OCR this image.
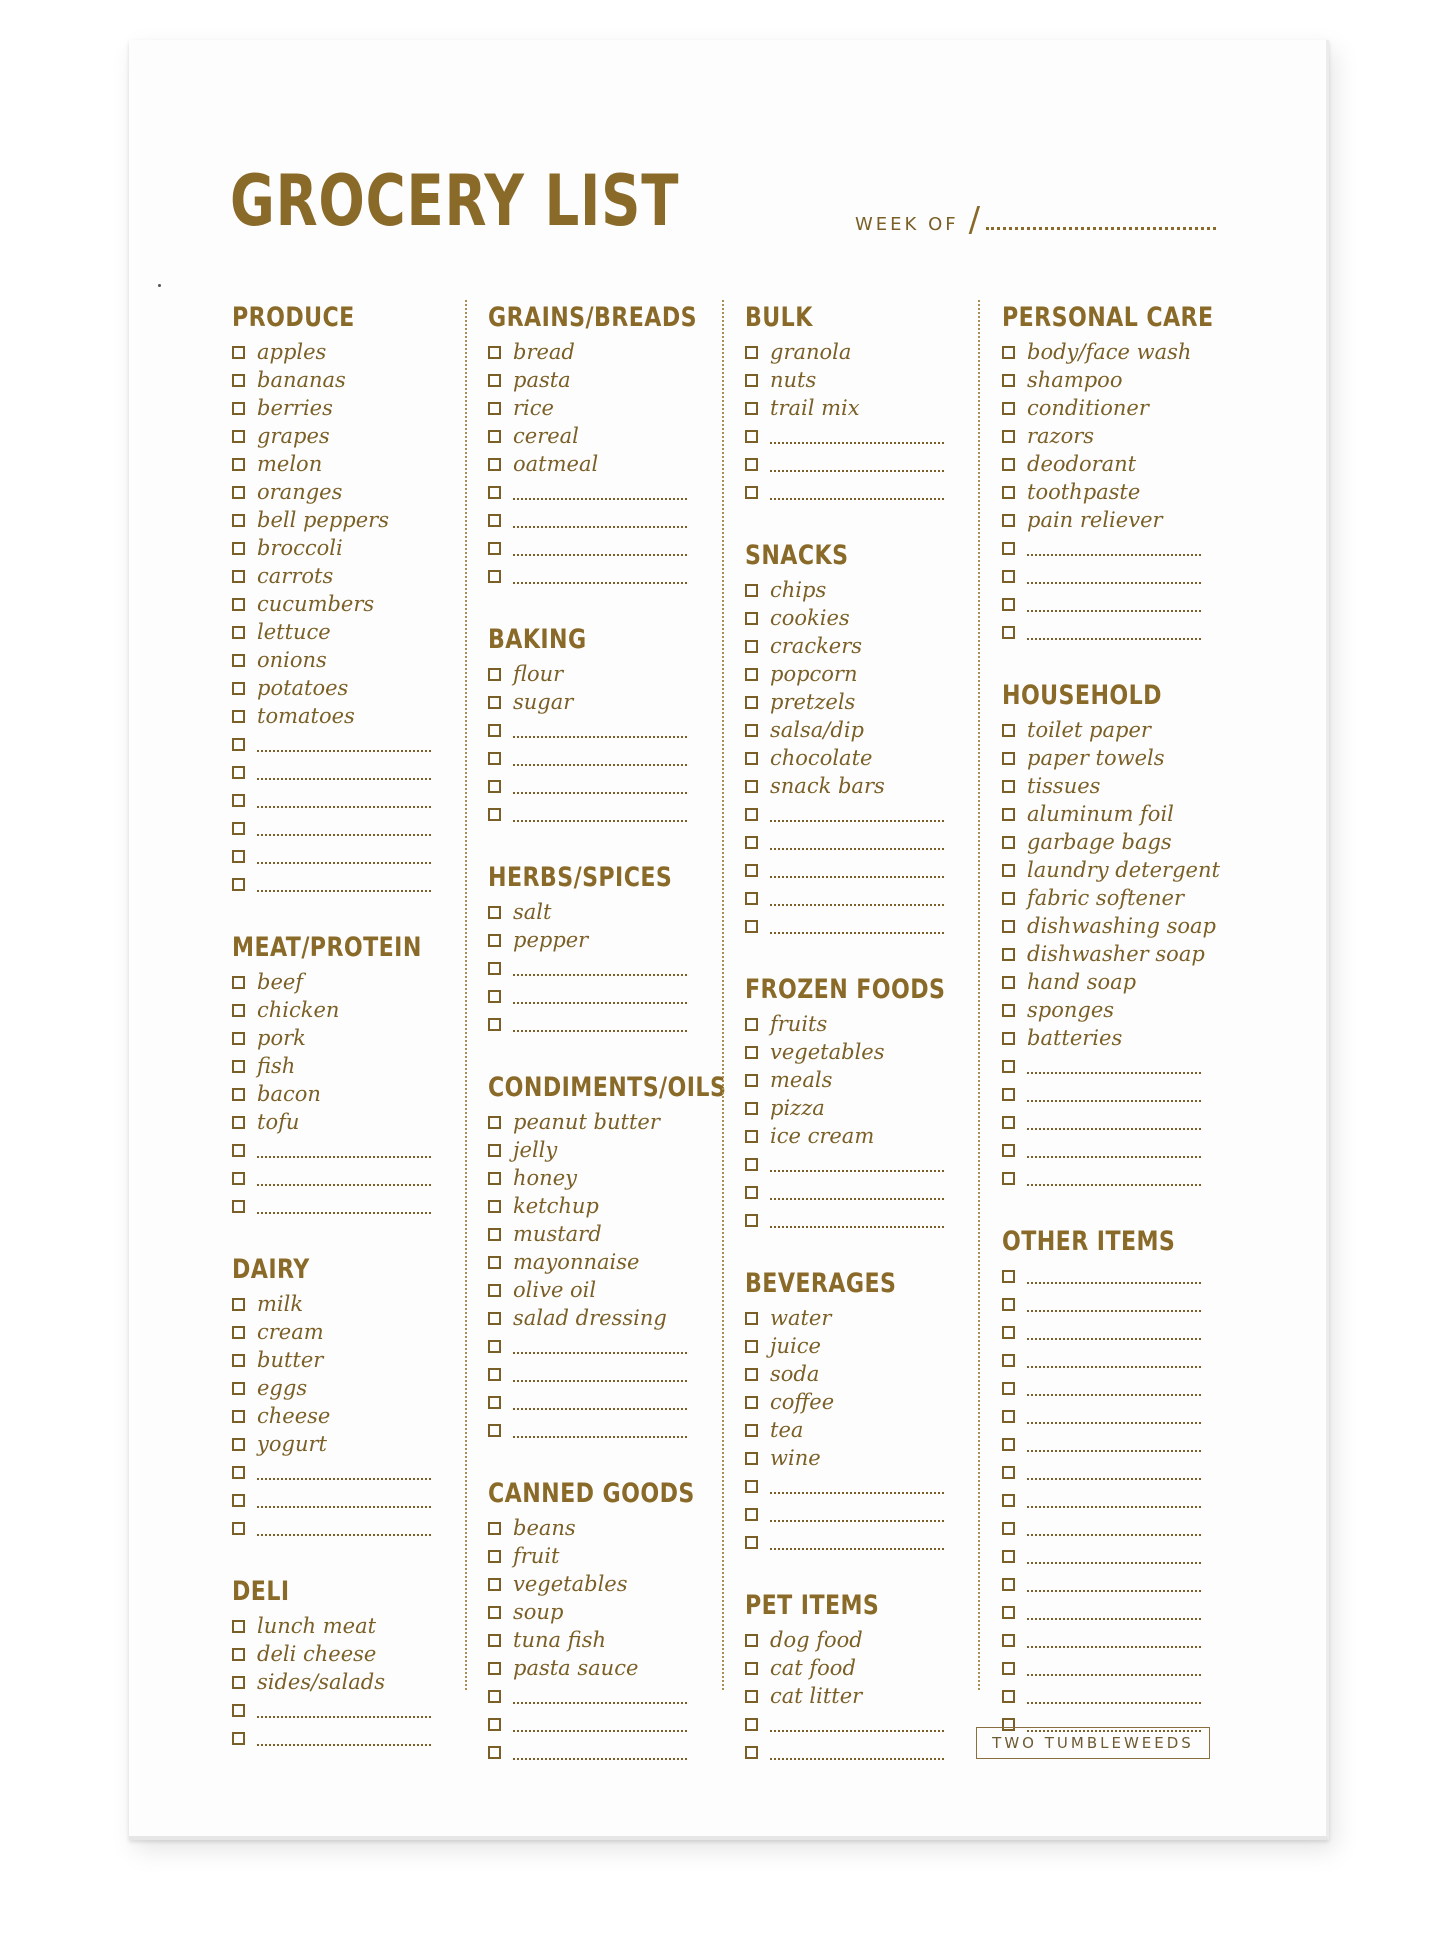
GROCERY LIST	WEEK OF /
PRODUCE
apples
bananas
berries
grapes
melon
oranges
bell peppers
broccoli
carrots
cucumbers
lettuce
onions
potatoes
tomatoes
MEAT/PROTEIN
beef
chicken
pork
fish
bacon
tofu
DAIRY
milk
cream
butter
eggs
cheese
yogurt
DELI
lunch meat
deli cheese
sides/salads
GRAINS/BREADS
bread
pasta
rice
cereal
oatmeal
BAKING
flour
sugar
HERBS/SPICES
salt
pepper
CONDIMENTS/OILS
peanut butter
jelly
honey
ketchup
mustard
mayonnaise
olive oil
salad dressing
CANNED GOODS
beans
fruit
vegetables
soup
tuna fish
pasta sauce
BULK
granola
nuts
trail mix
SNACKS
chips
cookies
crackers
popcorn
pretzels
salsa/dip
chocolate
snack bars
FROZEN FOODS
fruits
vegetables
meals
pizza
ice cream
BEVERAGES
water
juice
soda
coffee
tea
wine
PET ITEMS
dog food
cat food
cat litter
PERSONAL CARE
body/face wash
shampoo
conditioner
razors
deodorant
toothpaste
pain reliever
HOUSEHOLD
toilet paper
paper towels
tissues
aluminum foil
garbage bags
laundry detergent
fabric softener
dishwashing soap
dishwasher soap
hand soap
sponges
batteries
OTHER ITEMS
TWO TUMBLEWEEDS
